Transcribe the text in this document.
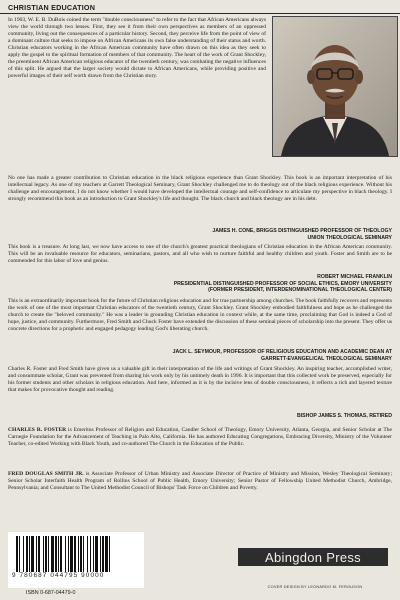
CHRISTIAN EDUCATION

In 1903, W. E. B. DuBois coined the term "double consciousness" to refer to the fact that African Americans always view the world through two lenses. First, they see it from their own perspectives as members of an oppressed community, living out the consequences of a particular history. Second, they perceive life from the point of view of a dominant culture that seeks to impose on African Americans its own false understanding of their status and worth. Christian educators working in the African American community have often drawn on this idea as they seek to apply the gospel to the spiritual formation of members of that community. The heart of the work of Grant Shockley, the preeminent African American religious educator of the twentieth century, was combating the negative influences of this split. He argued that the larger society would dictate to African Americans, while providing positive and powerful images of their self worth drawn from the Christian story.

No one has made a greater contribution to Christian education in the black religious experience than Grant Shockley. This book is an important interpretation of his intellectual legacy. As one of my teachers at Garrett Theological Seminary, Grant Shockley challenged me to do theology out of the black religious experience. Without his challenge and encouragement, I do not know whether I would have developed the intellectual courage and self-confidence to articulate my perspective in black theology. I strongly recommend this book as an introduction to Grant Shockley's life and thought. The black church and black theology are in his debt.

JAMES H. CONE, BRIGGS DISTINGUISHED PROFESSOR OF THEOLOGY
UNION THEOLOGICAL SEMINARY

This book is a treasure. At long last, we now have access to one of the church's greatest practical theologians of Christian education in the African American community. This will be an invaluable resource for educators, seminarians, pastors, and all who wish to nurture faithful and healthy children and youth. Foster and Smith are to be commended for this labor of love and genius.

ROBERT MICHAEL FRANKLIN
PRESIDENTIAL DISTINGUISHED PROFESSOR OF SOCIAL ETHICS, EMORY UNIVERSITY
(FORMER PRESIDENT, INTERDENOMINATIONAL THEOLOGICAL CENTER)

This is an extraordinarily important book for the future of Christian religious education and for true partnership among churches. The book faithfully recovers and represents the work of one of the most important Christian educators of the twentieth century, Grant Shockley. Grant Shockley embodied faithfulness and hope as he challenged the church to create the "beloved community." He was a leader in grounding Christian education in context while, at the same time, proclaiming that God is indeed a God of hope, justice, and community. Furthermore, Fred Smith and Chuck Foster have extended the discussion of these seminal pieces of scholarship into the present. They offer us concrete directions for a prophetic and engaged pedagogy leading God's liberating church.

JACK L. SEYMOUR, PROFESSOR OF RELIGIOUS EDUCATION AND ACADEMIC DEAN AT
GARRETT-EVANGELICAL THEOLOGICAL SEMINARY

Charles R. Foster and Fred Smith have given us a valuable gift in their interpretation of the life and writings of Grant Shockley. An inspiring teacher, accomplished writer, and consummate scholar, Grant was prevented from sharing his work only by his untimely death in 1996. It is important that this collected work be preserved, especially for his former students and other scholars in religious education. And here, informed as it is by the incisive lens of double consciousness, it reflects a rich and layered texture that makes for provocative thought and reading.

BISHOP JAMES S. THOMAS, RETIRED

CHARLES R. FOSTER is Emeritus Professor of Religion and Education, Candler School of Theology, Emory University, Atlanta, Georgia, and Senior Scholar at The Carnegie Foundation for the Advancement of Teaching in Palo Alto, California. He has authored Educating Congregations, Embracing Diversity, Ministry of the Volunteer Teacher, co-edited Working with Black Youth, and co-authored The Church in the Education of the Public.

FRED DOUGLAS SMITH JR. is Associate Professor of Urban Ministry and Associate Director of Practice of Ministry and Mission, Wesley Theological Seminary; Senior Scholar Interfaith Health Program of Rollins School of Public Health, Emory University; Senior Pastor of Fellowship United Methodist Church, Ambridge, Pennsylvania; and Consultant to The United Methodist Council of Bishops' Task Force on Children and Poverty.

9 780687 044795 90000
ISBN 0-687-04479-0
Abingdon Press
COVER DESIGN BY LEONARDO M. FERGUSON
